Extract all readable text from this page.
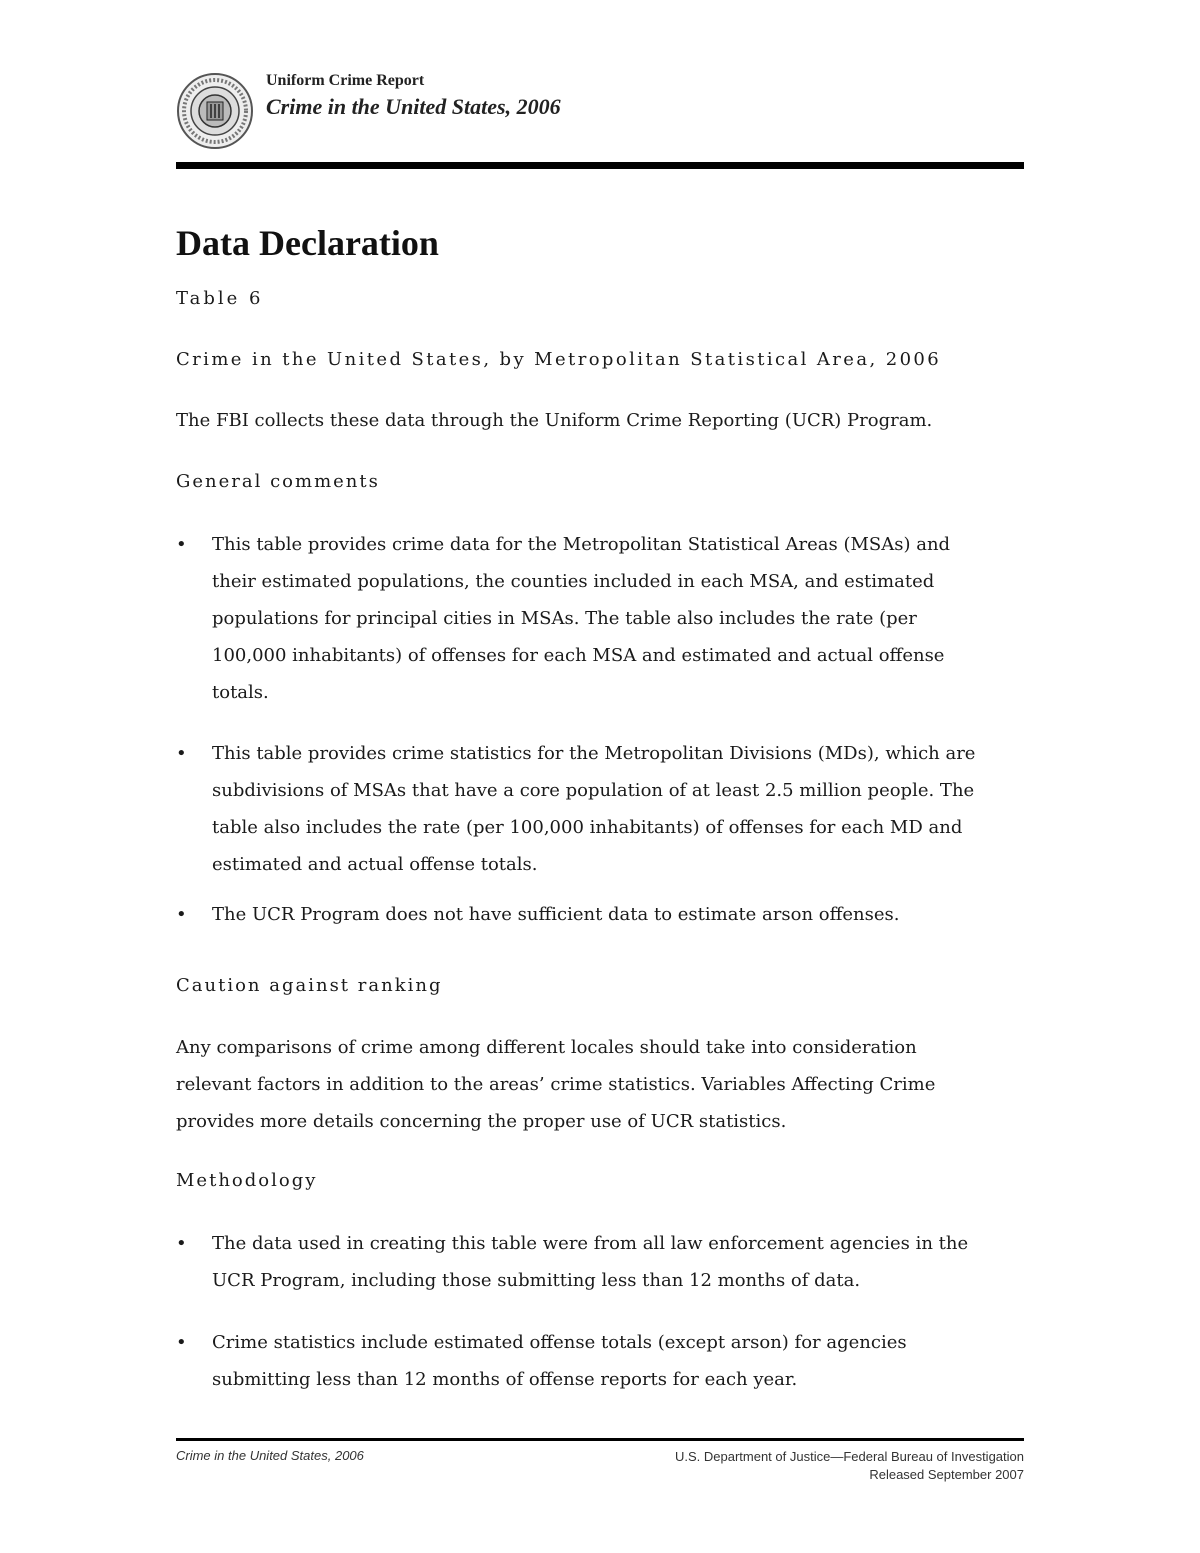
Uniform Crime Report
Crime in the United States, 2006
Data Declaration
Table 6
Crime in the United States, by Metropolitan Statistical Area, 2006
The FBI collects these data through the Uniform Crime Reporting (UCR) Program.
General comments
• This table provides crime data for the Metropolitan Statistical Areas (MSAs) and their estimated populations, the counties included in each MSA, and estimated populations for principal cities in MSAs. The table also includes the rate (per 100,000 inhabitants) of offenses for each MSA and estimated and actual offense totals.
• This table provides crime statistics for the Metropolitan Divisions (MDs), which are subdivisions of MSAs that have a core population of at least 2.5 million people. The table also includes the rate (per 100,000 inhabitants) of offenses for each MD and estimated and actual offense totals.
• The UCR Program does not have sufficient data to estimate arson offenses.
Caution against ranking
Any comparisons of crime among different locales should take into consideration relevant factors in addition to the areas’ crime statistics. Variables Affecting Crime provides more details concerning the proper use of UCR statistics.
Methodology
• The data used in creating this table were from all law enforcement agencies in the UCR Program, including those submitting less than 12 months of data.
• Crime statistics include estimated offense totals (except arson) for agencies submitting less than 12 months of offense reports for each year.
Crime in the United States, 2006	U.S. Department of Justice—Federal Bureau of Investigation
Released September 2007
